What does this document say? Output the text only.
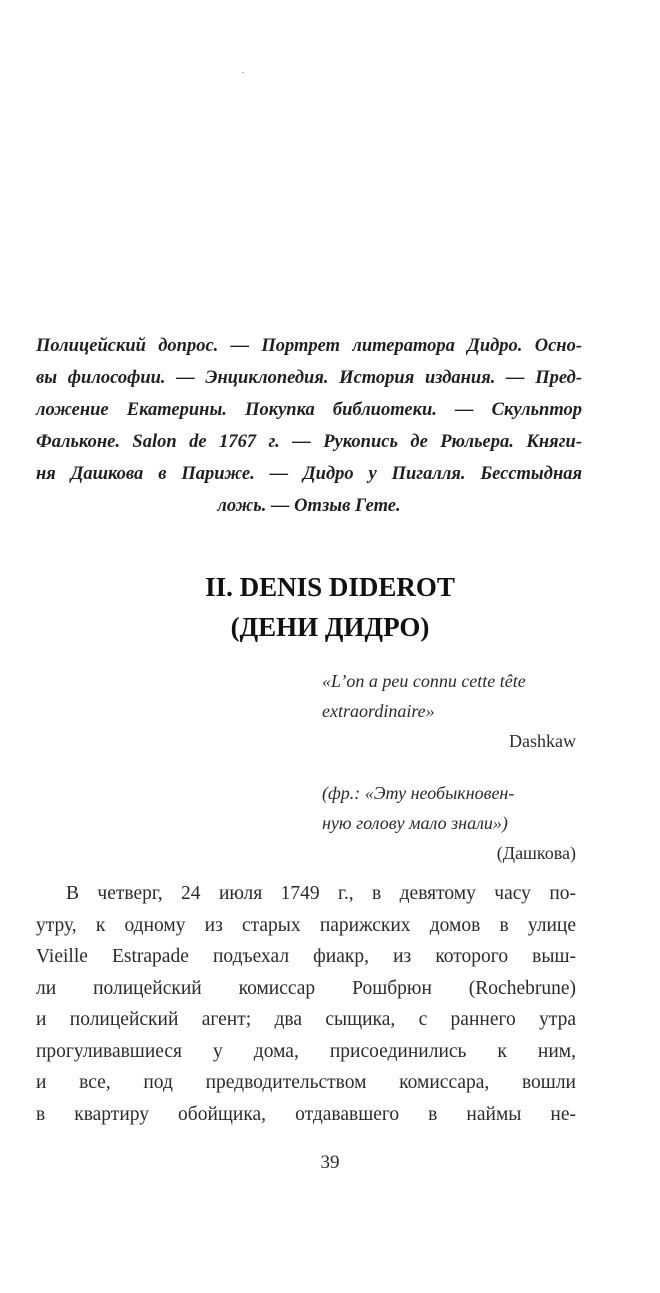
Полицейский допрос. — Портрет литератора Дидро. Осно-
вы философии. — Энциклопедия. История издания. — Пред-
ложение Екатерины. Покупка библиотеки. — Скульптор
Фальконе. Salon de 1767 г. — Рукопись де Рюльера. Княги-
ня Дашкова в Париже. — Дидро у Пигалля. Бесстыдная
ложь. — Отзыв Гете.
II. DENIS DIDEROT
(ДЕНИ ДИДРО)
«L’on a peu connu cette tête
extraordinaire»
Dashkaw
(фр.: «Эту необыкновен-
ную голову мало знали»)
(Дашкова)
В четверг, 24 июля 1749 г., в девятому часу по-
утру, к одному из старых парижских домов в улице
Vieille Estrapade подъехал фиакр, из которого выш-
ли полицейский комиссар Рошбрюн (Rochebrune)
и полицейский агент; два сыщика, с раннего утра
прогуливавшиеся у дома, присоединились к ним,
и все, под предводительством комиссара, вошли
в квартиру обойщика, отдававшего в наймы не-
39
